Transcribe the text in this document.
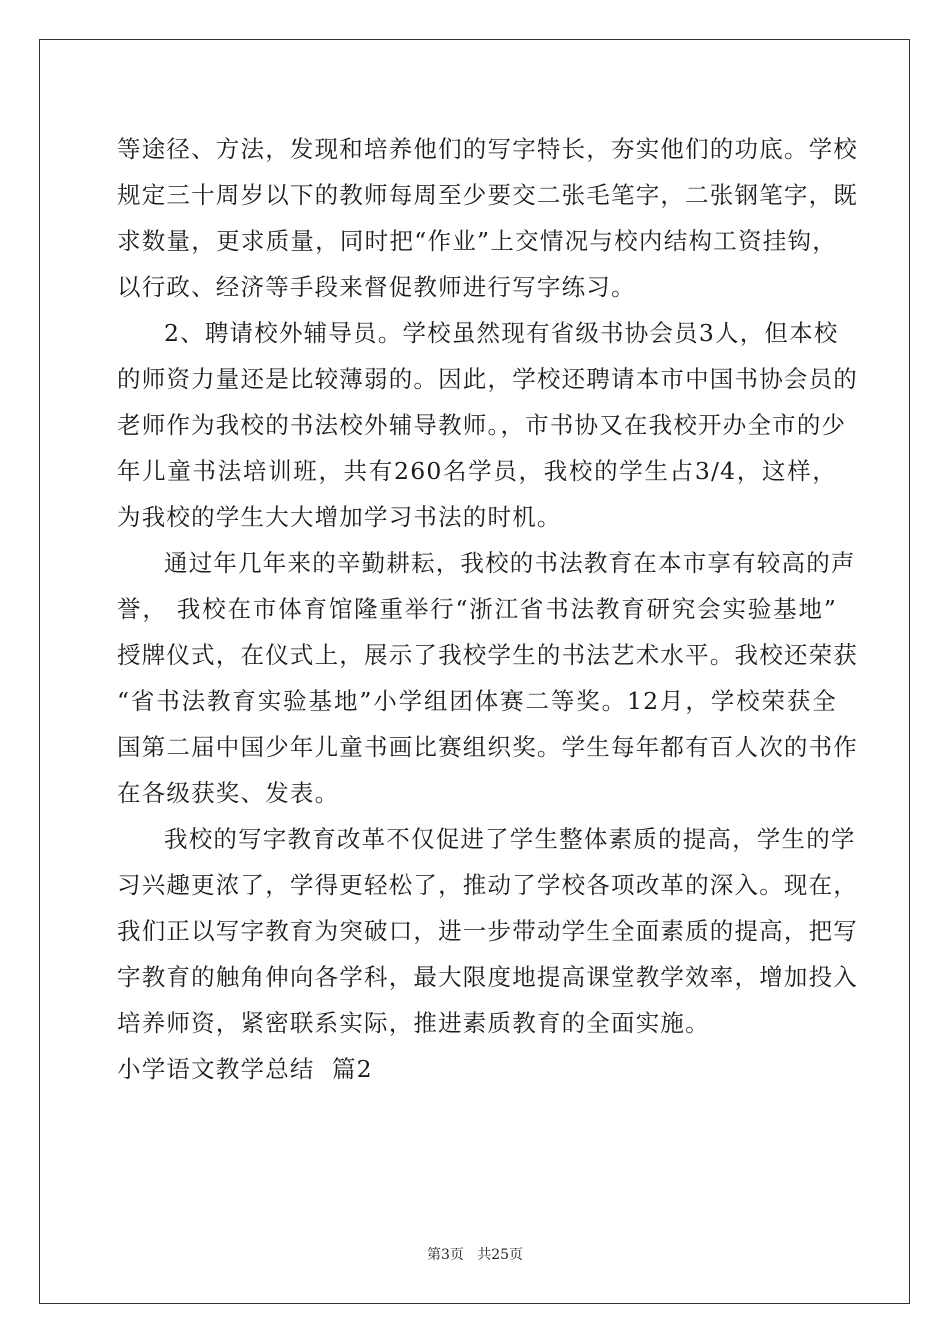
等途径、方法，发现和培养他们的写字特长，夯实他们的功底。学校
规定三十周岁以下的教师每周至少要交二张毛笔字，二张钢笔字，既
求数量，更求质量，同时把“作业”上交情况与校内结构工资挂钩，
以行政、经济等手段来督促教师进行写字练习。
2、聘请校外辅导员。学校虽然现有省级书协会员3人，但本校
的师资力量还是比较薄弱的。因此，学校还聘请本市中国书协会员的
老师作为我校的书法校外辅导教师。，市书协又在我校开办全市的少
年儿童书法培训班，共有260名学员，我校的学生占3/4，这样，
为我校的学生大大增加学习书法的时机。
通过年几年来的辛勤耕耘，我校的书法教育在本市享有较高的声
誉， 我校在市体育馆隆重举行“浙江省书法教育研究会实验基地”
授牌仪式，在仪式上，展示了我校学生的书法艺术水平。我校还荣获
“省书法教育实验基地”小学组团体赛二等奖。12月，学校荣获全
国第二届中国少年儿童书画比赛组织奖。学生每年都有百人次的书作
在各级获奖、发表。
我校的写字教育改革不仅促进了学生整体素质的提高，学生的学
习兴趣更浓了，学得更轻松了，推动了学校各项改革的深入。现在，
我们正以写字教育为突破口，进一步带动学生全面素质的提高，把写
字教育的触角伸向各学科，最大限度地提高课堂教学效率，增加投入
培养师资，紧密联系实际，推进素质教育的全面实施。
小学语文教学总结  篇2
第3页   共25页
